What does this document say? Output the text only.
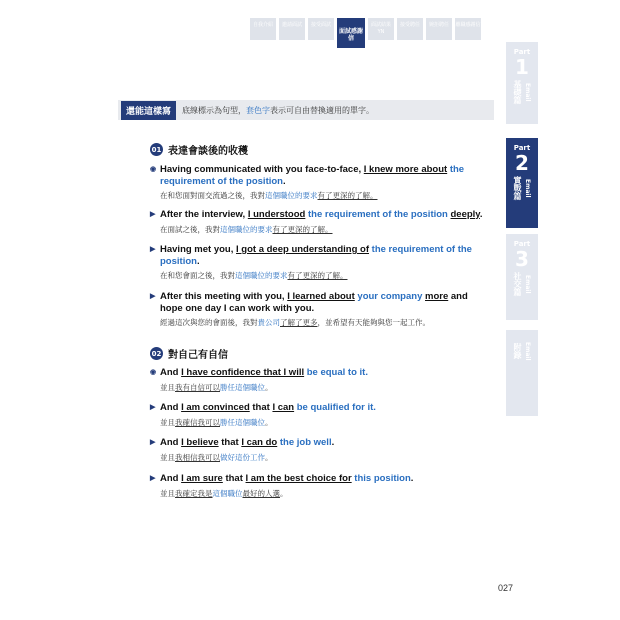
自我介紹	邀請面試	接受面試
面試感謝信
面試結果 YN
接受聘任	婉拒聘任	離職感謝信
Part
1
Email
基礎篇
Part
2
Email
實戰篇
Part
3
Email
社交篇
Email
附錄
還能這樣寫	底線標示為句型，套色字表示可自由替換適用的單字。
01 表達會談後的收穫
◉ Having communicated with you face-to-face, I knew more about the requirement of the position.
在和您面對面交流過之後，我對這個職位的要求有了更深的了解。
▶ After the interview, I understood the requirement of the position deeply.
在面試之後，我對這個職位的要求有了更深的了解。
▶ Having met you, I got a deep understanding of the requirement of the position.
在和您會面之後，我對這個職位的要求有了更深的了解。
▶ After this meeting with you, I learned about your company more and hope one day I can work with you.
經過這次與您的會面後，我對貴公司了解了更多，並希望有天能夠與您一起工作。
02 對自己有自信
◉ And I have confidence that I will be equal to it.
並且我有自信可以勝任這個職位。
▶ And I am convinced that I can be qualified for it.
並且我確信我可以勝任這個職位。
▶ And I believe that I can do the job well.
並且我相信我可以做好這份工作。
▶ And I am sure that I am the best choice for this position.
並且我確定我是這個職位最好的人選。
027
